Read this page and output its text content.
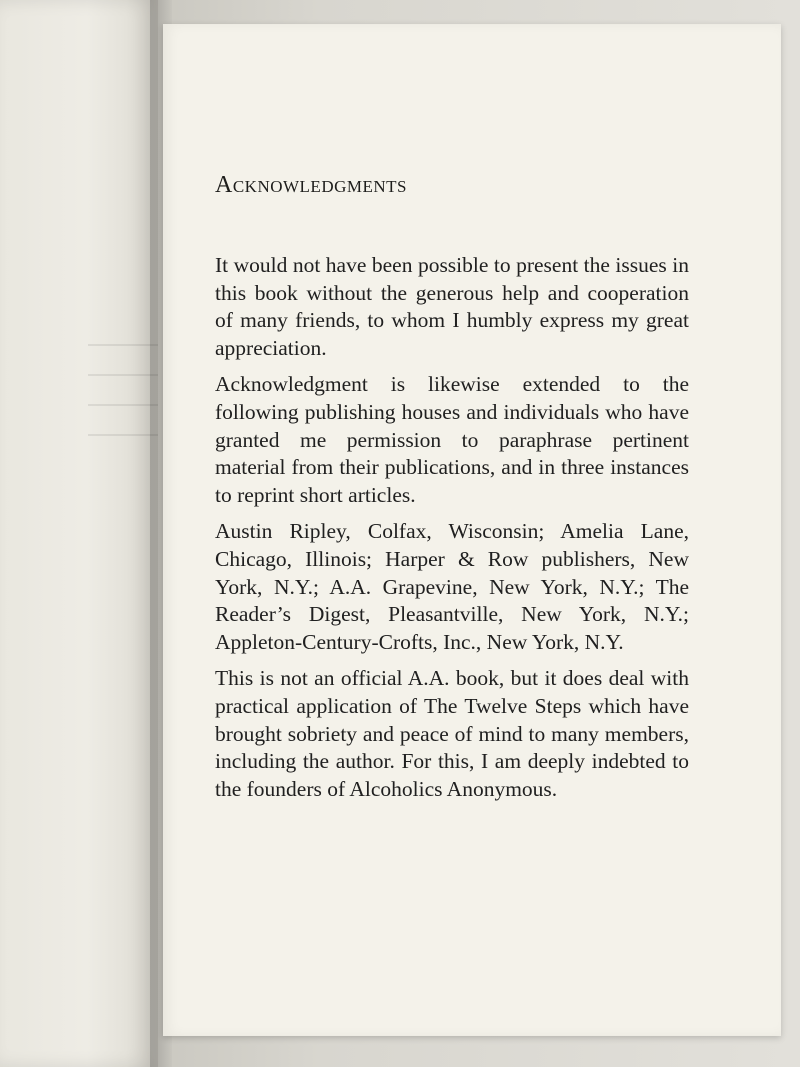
Acknowledgments

It would not have been possible to present the issues in this book without the generous help and cooperation of many friends, to whom I humbly express my great appreciation.

Acknowledgment is likewise extended to the following publishing houses and individuals who have granted me permission to paraphrase pertinent material from their publications, and in three instances to reprint short articles.

Austin Ripley, Colfax, Wisconsin; Amelia Lane, Chicago, Illinois; Harper & Row publishers, New York, N.Y.; A.A. Grapevine, New York, N.Y.; The Reader’s Digest, Pleasantville, New York, N.Y.; Appleton-Century-Crofts, Inc., New York, N.Y.

This is not an official A.A. book, but it does deal with practical application of The Twelve Steps which have brought sobriety and peace of mind to many members, including the author. For this, I am deeply indebted to the founders of Alcoholics Anonymous.
